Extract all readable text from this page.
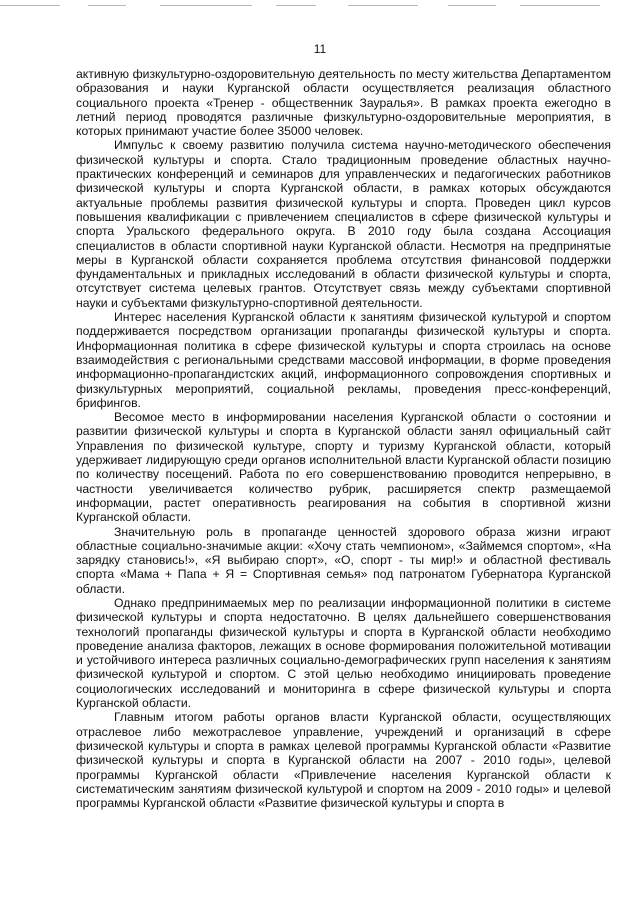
11

активную физкультурно-оздоровительную деятельность по месту жительства Департаментом образования и науки Курганской области осуществляется реализация областного социального проекта «Тренер - общественник Зауралья». В рамках проекта ежегодно в летний период проводятся различные физкультурно-оздоровительные мероприятия, в которых принимают участие более 35000 человек.

Импульс к своему развитию получила система научно-методического обеспечения физической культуры и спорта. Стало традиционным проведение областных научно-практических конференций и семинаров для управленческих и педагогических работников физической культуры и спорта Курганской области, в рамках которых обсуждаются актуальные проблемы развития физической культуры и спорта. Проведен цикл курсов повышения квалификации с привлечением специалистов в сфере физической культуры и спорта Уральского федерального округа. В 2010 году была создана Ассоциация специалистов в области спортивной науки Курганской области. Несмотря на предпринятые меры в Курганской области сохраняется проблема отсутствия финансовой поддержки фундаментальных и прикладных исследований в области физической культуры и спорта, отсутствует система целевых грантов. Отсутствует связь между субъектами спортивной науки и субъектами физкультурно-спортивной деятельности.

Интерес населения Курганской области к занятиям физической культурой и спортом поддерживается посредством организации пропаганды физической культуры и спорта. Информационная политика в сфере физической культуры и спорта строилась на основе взаимодействия с региональными средствами массовой информации, в форме проведения информационно-пропагандистских акций, информационного сопровождения спортивных и физкультурных мероприятий, социальной рекламы, проведения пресс-конференций, брифингов.

Весомое место в информировании населения Курганской области о состоянии и развитии физической культуры и спорта в Курганской области занял официальный сайт Управления по физической культуре, спорту и туризму Курганской области, который удерживает лидирующую среди органов исполнительной власти Курганской области позицию по количеству посещений. Работа по его совершенствованию проводится непрерывно, в частности увеличивается количество рубрик, расширяется спектр размещаемой информации, растет оперативность реагирования на события в спортивной жизни Курганской области.

Значительную роль в пропаганде ценностей здорового образа жизни играют областные социально-значимые акции: «Хочу стать чемпионом», «Займемся спортом», «На зарядку становись!», «Я выбираю спорт», «О, спорт - ты мир!» и областной фестиваль спорта «Мама + Папа + Я = Спортивная семья» под патронатом Губернатора Курганской области.

Однако предпринимаемых мер по реализации информационной политики в системе физической культуры и спорта недостаточно. В целях дальнейшего совершенствования технологий пропаганды физической культуры и спорта в Курганской области необходимо проведение анализа факторов, лежащих в основе формирования положительной мотивации и устойчивого интереса различных социально-демографических групп населения к занятиям физической культурой и спортом. С этой целью необходимо инициировать проведение социологических исследований и мониторинга в сфере физической культуры и спорта Курганской области.

Главным итогом работы органов власти Курганской области, осуществляющих отраслевое либо межотраслевое управление, учреждений и организаций в сфере физической культуры и спорта в рамках целевой программы Курганской области «Развитие физической культуры и спорта в Курганской области на 2007 - 2010 годы», целевой программы Курганской области «Привлечение населения Курганской области к систематическим занятиям физической культурой и спортом на 2009 - 2010 годы» и целевой программы Курганской области «Развитие физической культуры и спорта в
